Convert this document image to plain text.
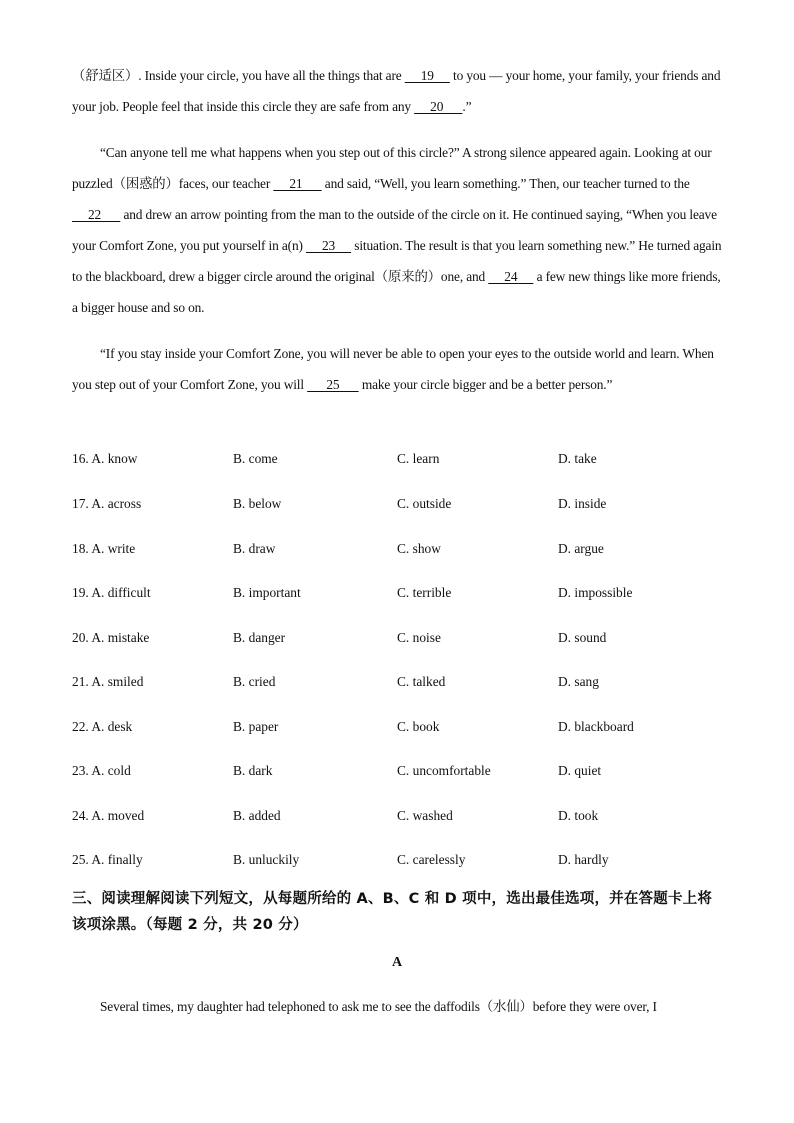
（舒适区）. Inside your circle, you have all the things that are      19      to you — your home, your family, your friends and your job. People feel that inside this circle they are safe from any      20      .”
“Can anyone tell me what happens when you step out of this circle?” A strong silence appeared again. Looking at our puzzled（困惑的）faces, our teacher      21       and said, “Well, you learn something.” Then, our teacher turned to the      22       and drew an arrow pointing from the man to the outside of the circle on it. He continued saying, “When you leave your Comfort Zone, you put yourself in a(n)      23      situation. The result is that you learn something new.” He turned again to the blackboard, drew a bigger circle around the original（原来的）one, and      24      a few new things like more friends, a bigger house and so on.
“If you stay inside your Comfort Zone, you will never be able to open your eyes to the outside world and learn. When you step out of your Comfort Zone, you will       25       make your circle bigger and be a better person.”
16. A. know	B. come	C. learn	D. take
17. A. across	B. below	C. outside	D. inside
18. A. write	B. draw	C. show	D. argue
19. A. difficult	B. important	C. terrible	D. impossible
20. A. mistake	B. danger	C. noise	D. sound
21. A. smiled	B. cried	C. talked	D. sang
22. A. desk	B. paper	C. book	D. blackboard
23. A. cold	B. dark	C. uncomfortable	D. quiet
24. A. moved	B. added	C. washed	D. took
25. A. finally	B. unluckily	C. carelessly	D. hardly
三、阅读理解阅读下列短文，从每题所给的 A、B、C 和 D 项中，选出最佳选项，并在答题卡上将该项涂黑。（每题 2 分，共 20 分）
A
Several times, my daughter had telephoned to ask me to see the daffodils（水仙）before they were over, I
